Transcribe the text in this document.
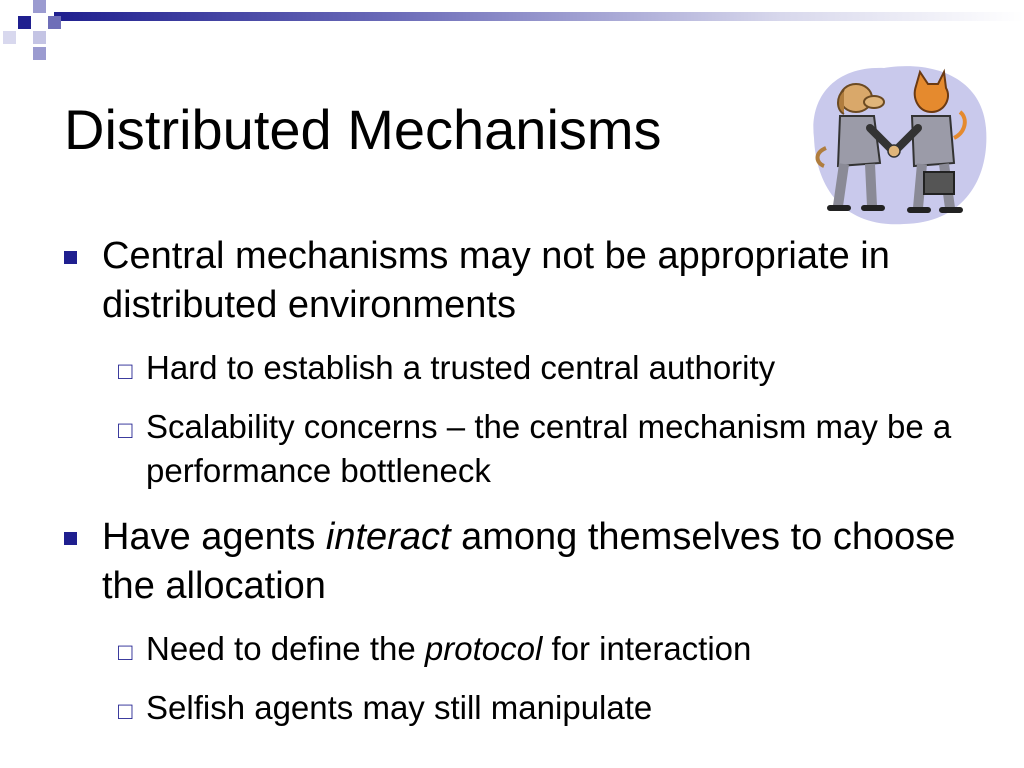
Distributed Mechanisms
Central mechanisms may not be appropriate in distributed environments
□ Hard to establish a trusted central authority
□ Scalability concerns – the central mechanism may be a performance bottleneck
Have agents interact among themselves to choose the allocation
□ Need to define the protocol for interaction
□ Selfish agents may still manipulate
